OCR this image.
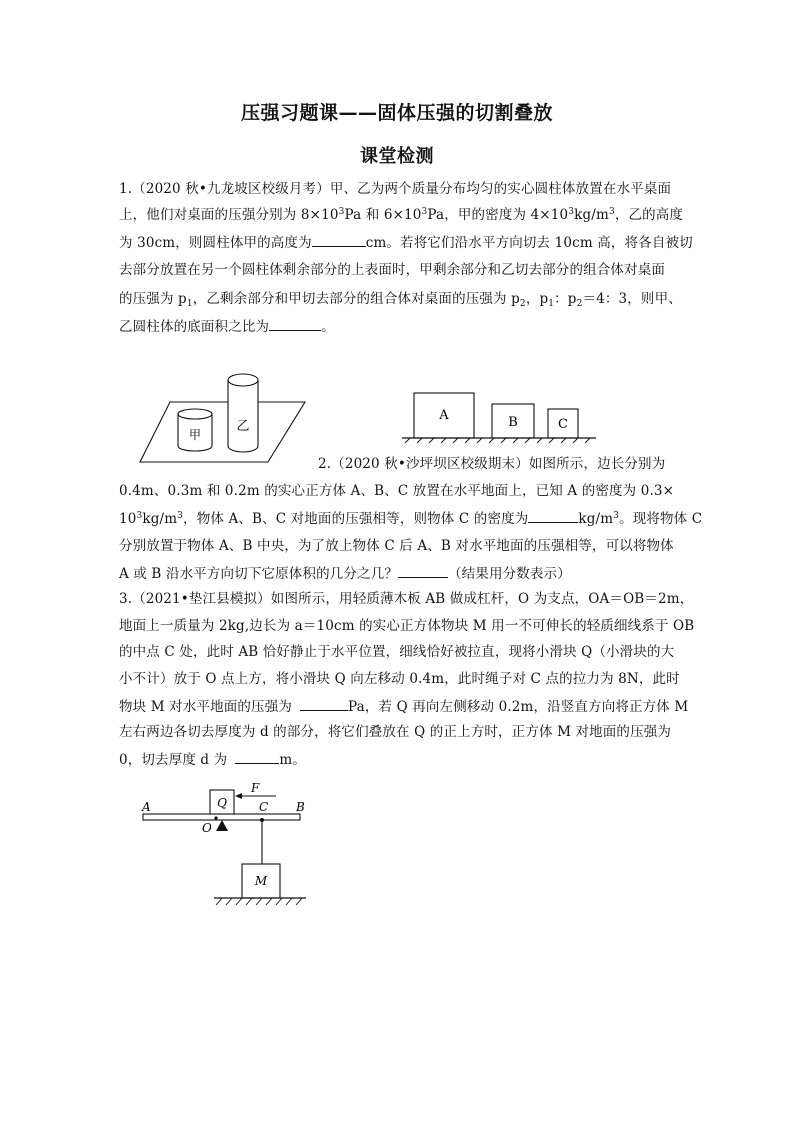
压强习题课——固体压强的切割叠放
课堂检测
1.（2020 秋•九龙坡区校级月考）甲、乙为两个质量分布均匀的实心圆柱体放置在水平桌面
上，他们对桌面的压强分别为 $8\times 10^3Pa$ 和 $6\times 10^3Pa$，甲的密度为 $4\times 10^3kg/m^3$，乙的高度
为 30cm，则圆柱体甲的高度为	cm。若将它们沿水平方向切去 10cm 高，将各自被切
去部分放置在另一个圆柱体剩余部分的上表面时，甲剩余部分和乙切去部分的组合体对桌面
的压强为 $p_1$，乙剩余部分和甲切去部分的组合体对桌面的压强为 $p_2$，$p_1$：$p_2=4$：3，则甲、
乙圆柱体的底面积之比为	。
甲
乙
A	B	C
2.（2020 秋•沙坪坝区校级期末）如图所示，边长分别为
0.4m、0.3m 和 0.2m 的实心正方体 A、B、C 放置在水平地面上，已知 A 的密度为 0.3×
$10^3kg/m^3$，物体 A、B、C 对地面的压强相等，则物体 C 的密度为	$kg/m^3$。现将物体 C
分别放置于物体 A、B 中央，为了放上物体 C 后 A、B 对水平地面的压强相等，可以将物体
A 或 B 沿水平方向切下它原体积的几分之几？	（结果用分数表示）
3.（2021•垫江县模拟）如图所示，用轻质薄木板 AB 做成杠杆，O 为支点，OA＝OB＝2m，
地面上一质量为 2kg,边长为 a＝10cm 的实心正方体物块 M 用一不可伸长的轻质细线系于 OB
的中点 C 处，此时 AB 恰好静止于水平位置，细线恰好被拉直，现将小滑块 Q（小滑块的大
小不计）放于 O 点上方，将小滑块 Q 向左移动 0.4m，此时绳子对 C 点的拉力为 8N，此时
物块 M 对水平地面的压强为	Pa，若 Q 再向左侧移动 0.2m，沿竖直方向将正方体 M
左右两边各切去厚度为 d 的部分，将它们叠放在 Q 的正上方时，正方体 M 对地面的压强为
0，切去厚度 d 为	m。
A	B
Q
F
C
O
M
